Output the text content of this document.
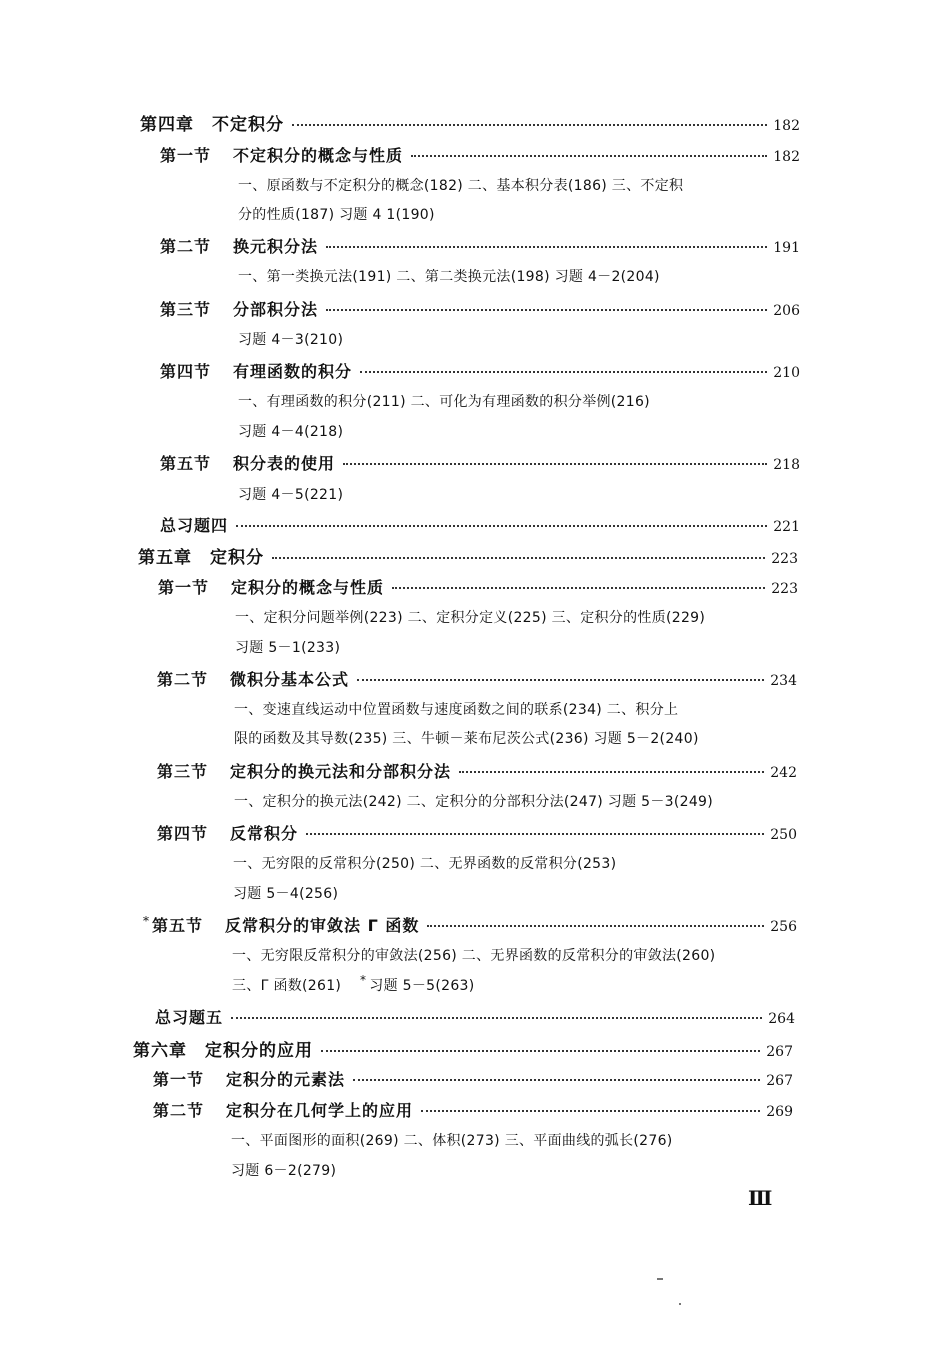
第四章 不定积分	182
第一节 不定积分的概念与性质	182
一、原函数与不定积分的概念(182) 二、基本积分表(186) 三、不定积
分的性质(187) 习题 4 1(190)
第二节 换元积分法	191
一、第一类换元法(191) 二、第二类换元法(198) 习题 4－2(204)
第三节 分部积分法	206
习题 4－3(210)
第四节 有理函数的积分	210
一、有理函数的积分(211) 二、可化为有理函数的积分举例(216)
习题 4－4(218)
第五节 积分表的使用	218
习题 4－5(221)
总习题四	221
第五章 定积分	223
第一节 定积分的概念与性质	223
一、定积分问题举例(223) 二、定积分定义(225) 三、定积分的性质(229)
习题 5－1(233)
第二节 微积分基本公式	234
一、变速直线运动中位置函数与速度函数之间的联系(234) 二、积分上
限的函数及其导数(235) 三、牛顿－莱布尼茨公式(236) 习题 5－2(240)
第三节 定积分的换元法和分部积分法	242
一、定积分的换元法(242) 二、定积分的分部积分法(247) 习题 5－3(249)
第四节 反常积分	250
一、无穷限的反常积分(250) 二、无界函数的反常积分(253)
习题 5－4(256)
* 第五节 反常积分的审敛法 Γ 函数	256
一、无穷限反常积分的审敛法(256) 二、无界函数的反常积分的审敛法(260)
三、Γ 函数(261) * 习题 5－5(263)
总习题五	264
第六章 定积分的应用	267
第一节 定积分的元素法	267
第二节 定积分在几何学上的应用	269
一、平面图形的面积(269) 二、体积(273) 三、平面曲线的弧长(276)
习题 6－2(279)
Ⅲ
